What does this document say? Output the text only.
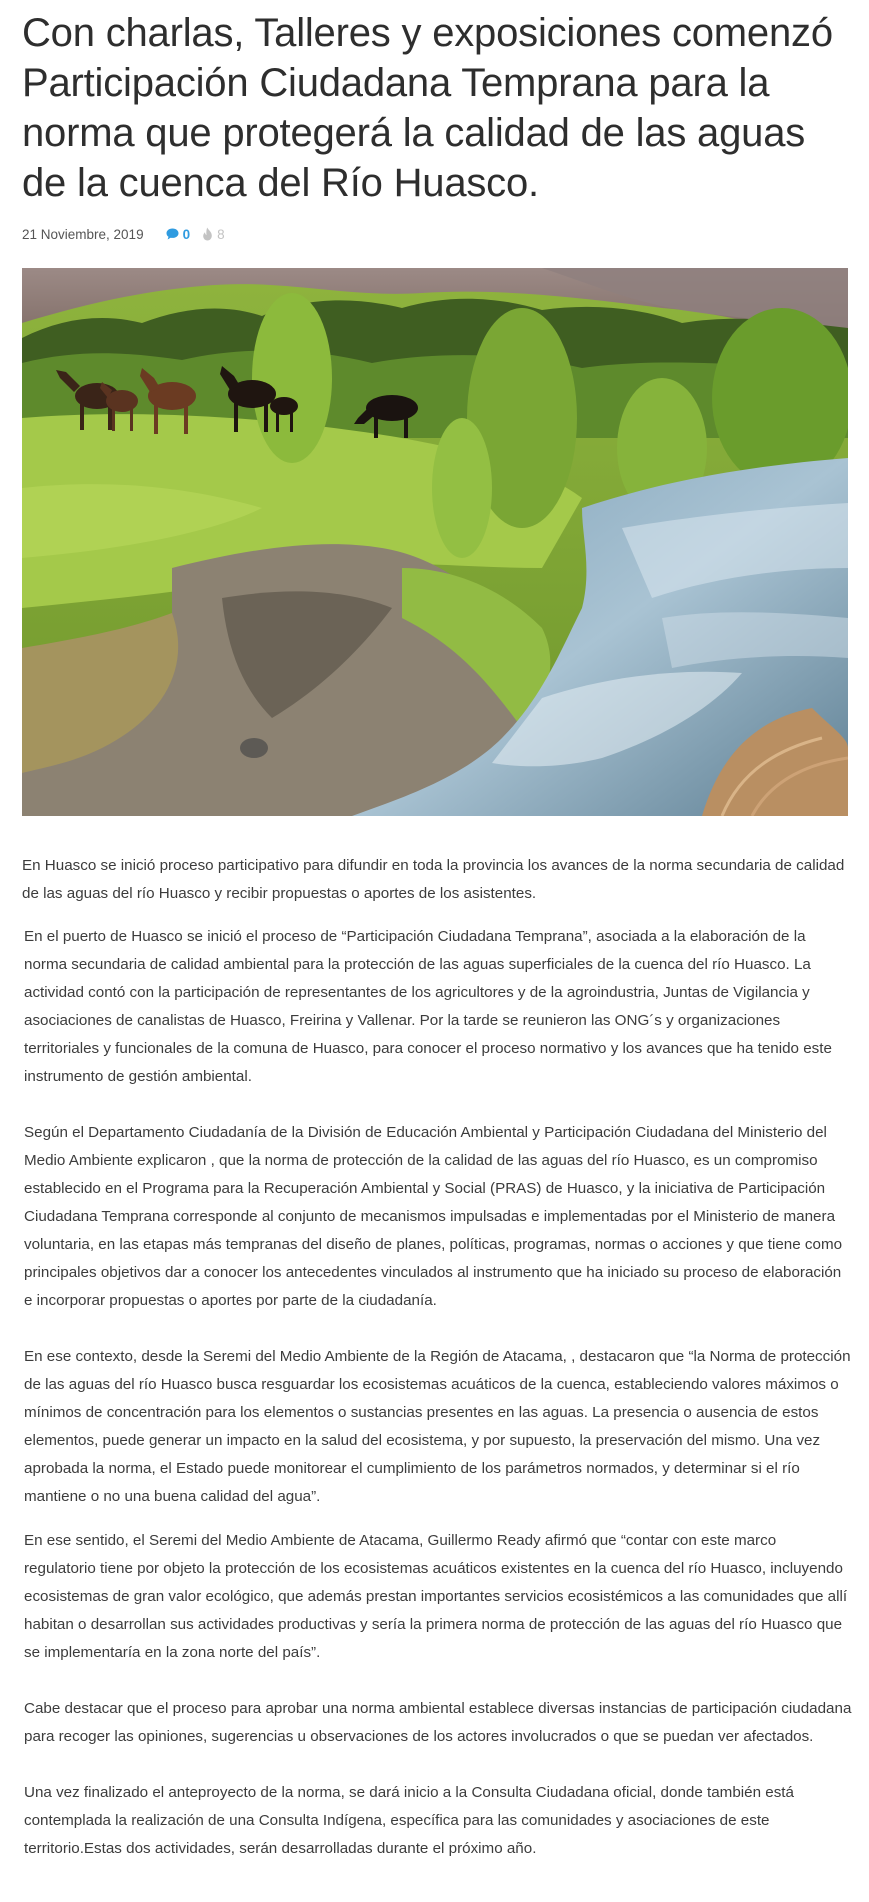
Con charlas, Talleres y exposiciones comenzó Participación Ciudadana Temprana para la norma que protegerá la calidad de las aguas de la cuenca del Río Huasco.
21 Noviembre, 2019	0 8

En Huasco se inició proceso participativo para difundir en toda la provincia los avances de la norma secundaria de calidad de las aguas del río Huasco y recibir propuestas o aportes de los asistentes.

En el puerto de Huasco se inició el proceso de “Participación Ciudadana Temprana”, asociada a la elaboración de la norma secundaria de calidad ambiental para la protección de las aguas superficiales de la cuenca del río Huasco. La actividad contó con la participación de representantes de los agricultores y de la agroindustria, Juntas de Vigilancia y asociaciones de canalistas de Huasco, Freirina y Vallenar. Por la tarde se reunieron las ONG´s y organizaciones territoriales y funcionales de la comuna de Huasco, para conocer el proceso normativo y los avances que ha tenido este instrumento de gestión ambiental.

Según el Departamento Ciudadanía de la División de Educación Ambiental y Participación Ciudadana del Ministerio del Medio Ambiente explicaron , que la norma de protección de la calidad de las aguas del río Huasco, es un compromiso establecido en el Programa para la Recuperación Ambiental y Social (PRAS) de Huasco, y la iniciativa de Participación Ciudadana Temprana corresponde al conjunto de mecanismos impulsadas e implementadas por el Ministerio de manera voluntaria, en las etapas más tempranas del diseño de planes, políticas, programas, normas o acciones y que tiene como principales objetivos dar a conocer los antecedentes vinculados al instrumento que ha iniciado su proceso de elaboración e incorporar propuestas o aportes por parte de la ciudadanía.

En ese contexto, desde la Seremi del Medio Ambiente de la Región de Atacama, , destacaron que “la Norma de protección de las aguas del río Huasco busca resguardar los ecosistemas acuáticos de la cuenca, estableciendo valores máximos o mínimos de concentración para los elementos o sustancias presentes en las aguas. La presencia o ausencia de estos elementos, puede generar un impacto en la salud del ecosistema, y por supuesto, la preservación del mismo. Una vez aprobada la norma, el Estado puede monitorear el cumplimiento de los parámetros normados, y determinar si el río mantiene o no una buena calidad del agua”.

En ese sentido, el Seremi del Medio Ambiente de Atacama, Guillermo Ready afirmó que “contar con este marco regulatorio tiene por objeto la protección de los ecosistemas acuáticos existentes en la cuenca del río Huasco, incluyendo ecosistemas de gran valor ecológico, que además prestan importantes servicios ecosistémicos a las comunidades que allí habitan o desarrollan sus actividades productivas y sería la primera norma de protección de las aguas del río Huasco que se implementaría en la zona norte del país”.

Cabe destacar que el proceso para aprobar una norma ambiental establece diversas instancias de participación ciudadana para recoger las opiniones, sugerencias u observaciones de los actores involucrados o que se puedan ver afectados.

Una vez finalizado el anteproyecto de la norma, se dará inicio a la Consulta Ciudadana oficial, donde también está contemplada la realización de una Consulta Indígena, específica para las comunidades y asociaciones de este territorio.Estas dos actividades, serán desarrolladas durante el próximo año.
